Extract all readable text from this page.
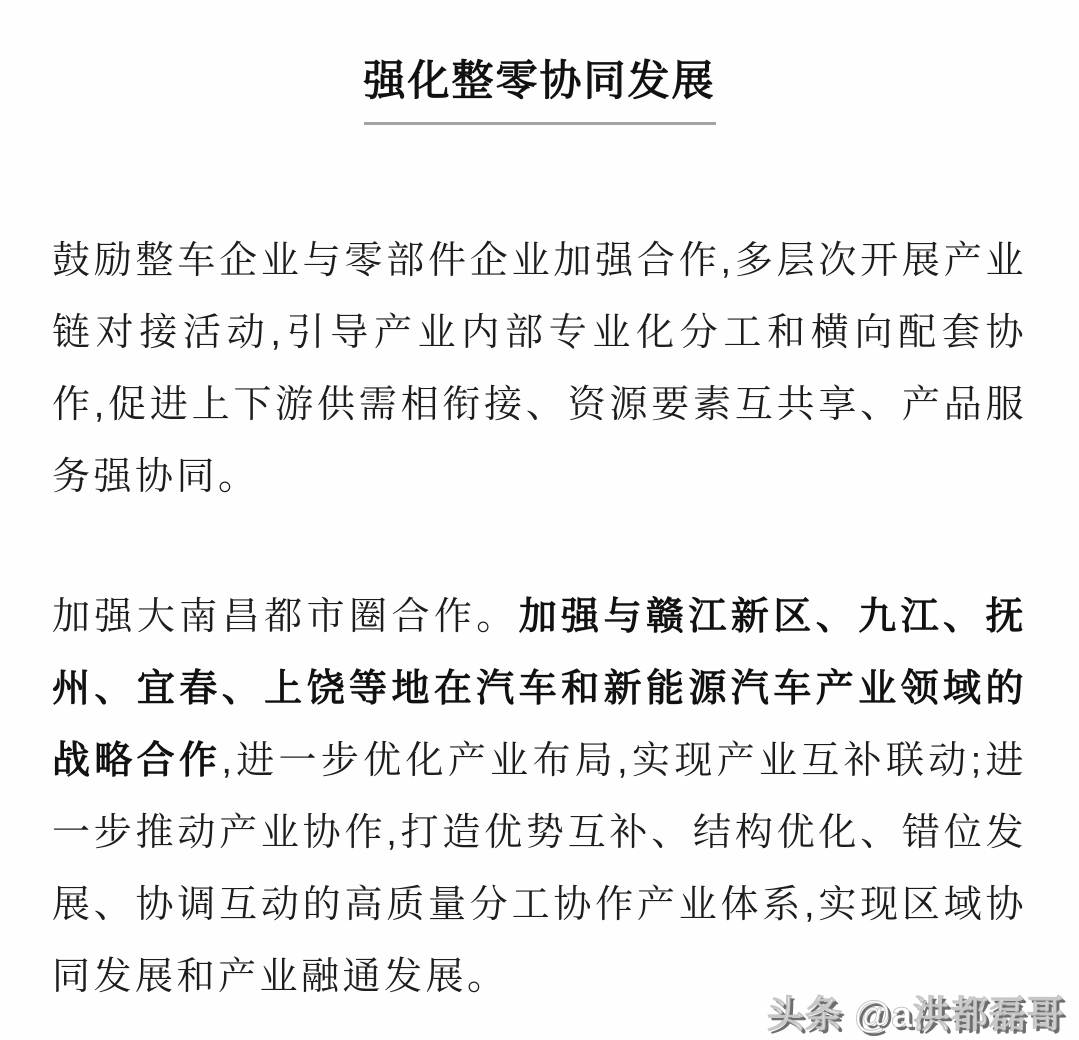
强化整零协同发展

鼓励整车企业与零部件企业加强合作,多层次开展产业链对接活动,引导产业内部专业化分工和横向配套协作,促进上下游供需相衔接、资源要素互共享、产品服务强协同。

加强大南昌都市圈合作。加强与赣江新区、九江、抚州、宜春、上饶等地在汽车和新能源汽车产业领域的战略合作,进一步优化产业布局,实现产业互补联动;进一步推动产业协作,打造优势互补、结构优化、错位发展、协调互动的高质量分工协作产业体系,实现区域协同发展和产业融通发展。

头条 @a洪都磊哥
